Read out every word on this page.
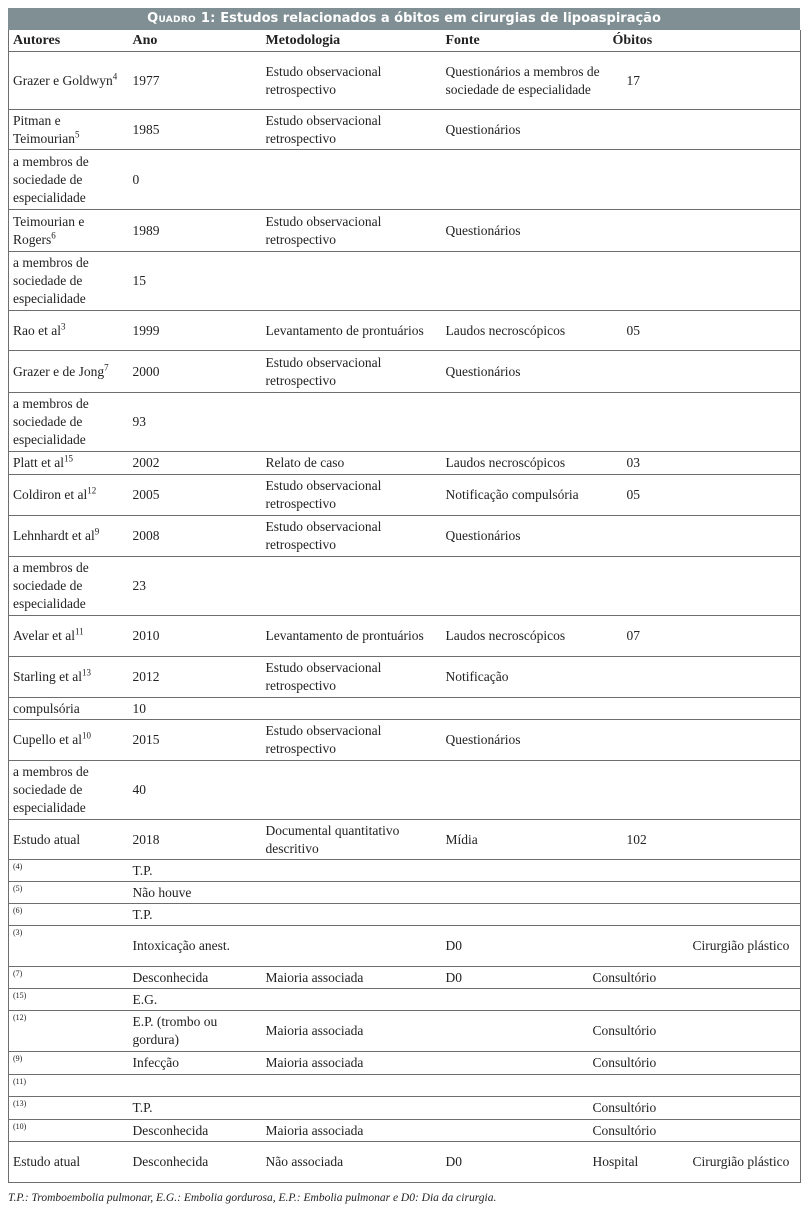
Quadro 1: Estudos relacionados a óbitos em cirurgias de lipoaspiração
Autores	Ano	Metodologia	Fonte	Óbitos
Grazer e Goldwyn$^4$	1977	Estudo observacional retrospectivo	Questionários a membros de sociedade de especialidade	17
Pitman e Teimourian$^5$	1985	Estudo observacional retrospectivo	Questionários	
a membros de sociedade de especialidade	0			
Teimourian e Rogers$^6$	1989	Estudo observacional retrospectivo	Questionários	
a membros de sociedade de especialidade	15			
Rao et $al^3$	1999	Levantamento de prontuários	Laudos necroscópicos	05
Grazer e de Jong$^7$	2000	Estudo observacional retrospectivo	Questionários	
a membros de sociedade de especialidade	93			
Platt et $al^{15}$	2002	Relato de caso	Laudos necroscópicos	03
Coldiron et $al^{12}$	2005	Estudo observacional retrospectivo	Notificação compulsória	05
Lehnhardt et $al^9$	2008	Estudo observacional retrospectivo	Questionários	
a membros de sociedade de especialidade	23			
Avelar et $al^{11}$	2010	Levantamento de prontuários	Laudos necroscópicos	07
Starling et $al^{13}$	2012	Estudo observacional retrospectivo	Notificação	
compulsória	10			
Cupello et $al^{10}$	2015	Estudo observacional retrospectivo	Questionários	
a membros de sociedade de especialidade	40			
Estudo atual	2018	Documental quantitativo descritivo	Mídia	102
(4)	T.P.				
(5)	Não houve				
(6)	T.P.				
(3)	Intoxicação anest.		D0		Cirurgião plástico
(7)	Desconhecida	Maioria associada	D0	Consultório	
(15)	E.G.				
(12)	E.P. (trombo ou gordura)	Maioria associada		Consultório	
(9)	Infecção	Maioria associada		Consultório	
(11)					
(13)	T.P.			Consultório	
(10)	Desconhecida	Maioria associada		Consultório	
Estudo atual	Desconhecida	Não associada	D0	Hospital	Cirurgião plástico
T.P.: Tromboembolia pulmonar, E.G.: Embolia gordurosa, E.P.: Embolia pulmonar e D0: Dia da cirurgia.
